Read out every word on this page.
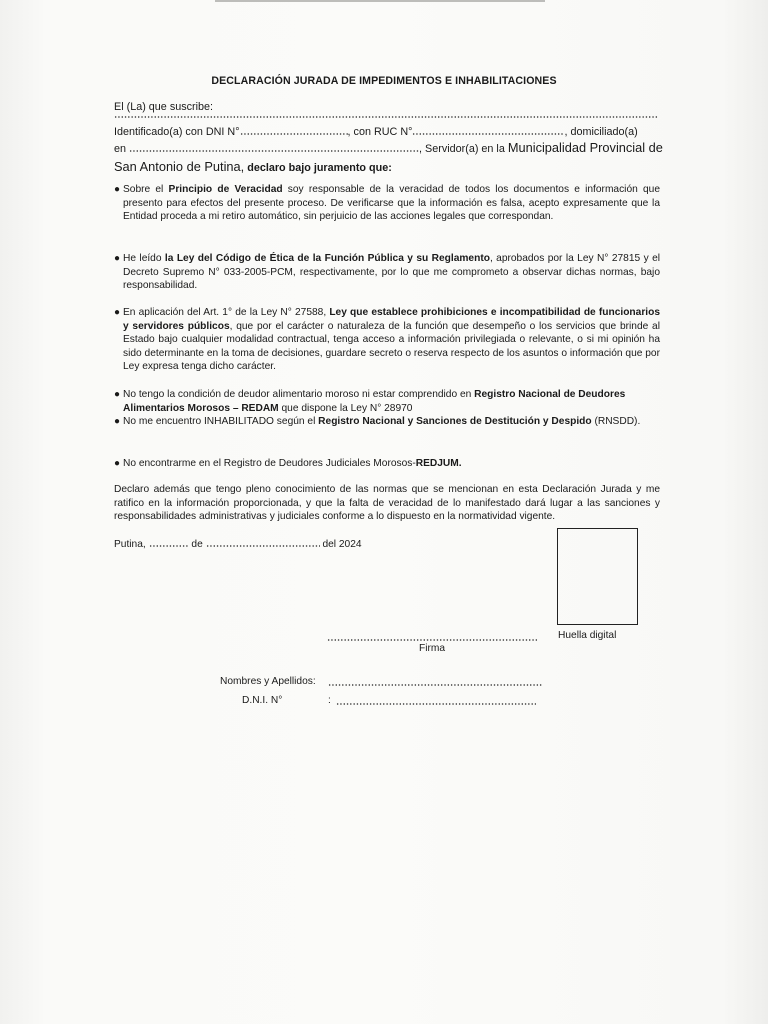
DECLARACIÓN JURADA DE IMPEDIMENTOS E INHABILITACIONES
El (La) que suscribe:
Identificado(a) con DNI N°	, con RUC N°	, domiciliado(a)
en	, Servidor(a) en la Municipalidad Provincial de
San Antonio de Putina, declaro bajo juramento que:
● Sobre el Principio de Veracidad soy responsable de la veracidad de todos los documentos e información que presento para efectos del presente proceso. De verificarse que la información es falsa, acepto expresamente que la Entidad proceda a mi retiro automático, sin perjuicio de las acciones legales que correspondan.
● He leído la Ley del Código de Ética de la Función Pública y su Reglamento, aprobados por la Ley N° 27815 y el Decreto Supremo N° 033-2005-PCM, respectivamente, por lo que me comprometo a observar dichas normas, bajo responsabilidad.
● En aplicación del Art. 1° de la Ley N° 27588, Ley que establece prohibiciones e incompatibilidad de funcionarios y servidores públicos, que por el carácter o naturaleza de la función que desempeño o los servicios que brinde al Estado bajo cualquier modalidad contractual, tenga acceso a información privilegiada o relevante, o si mi opinión ha sido determinante en la toma de decisiones, guardare secreto o reserva respecto de los asuntos o información que por Ley expresa tenga dicho carácter.
● No tengo la condición de deudor alimentario moroso ni estar comprendido en Registro Nacional de Deudores Alimentarios Morosos – REDAM que dispone la Ley N° 28970
● No me encuentro INHABILITADO según el Registro Nacional y Sanciones de Destitución y Despido (RNSDD).
● No encontrarme en el Registro de Deudores Judiciales Morosos-REDJUM.
Declaro además que tengo pleno conocimiento de las normas que se mencionan en esta Declaración Jurada y me ratifico en la información proporcionada, y que la falta de veracidad de lo manifestado dará lugar a las sanciones y responsabilidades administrativas y judiciales conforme a lo dispuesto en la normatividad vigente.
Putina,	de	del 2024
Huella digital
Firma
Nombres y Apellidos:
D.N.I. N°	:
